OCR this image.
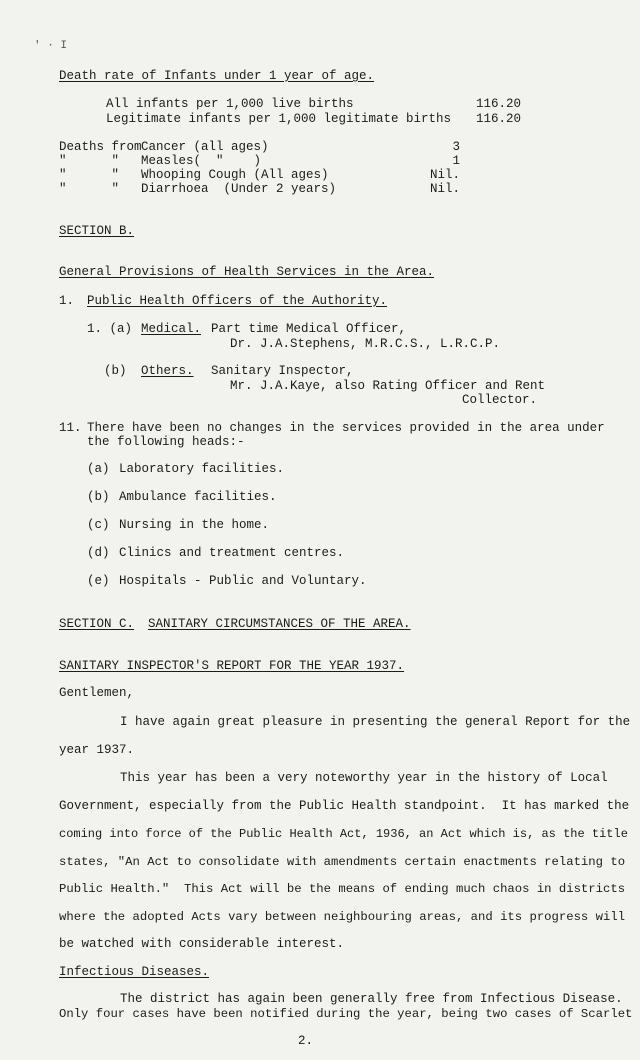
' · I
Death rate of Infants under 1 year of age.
All infants per 1,000 live births	116.20
Legitimate infants per 1,000 legitimate births 116.20
Deaths from Cancer (all ages)	3
"      " Measles(  "    )	1
"      " Whooping Cough (All ages)	Nil.
"      " Diarrhoea  (Under 2 years)	Nil.
SECTION B.
General Provisions of Health Services in the Area.
1. Public Health Officers of the Authority.
1. (a) Medical. Part time Medical Officer,
Dr. J.A.Stephens, M.R.C.S., L.R.C.P.
(b) Others. Sanitary Inspector,
Mr. J.A.Kaye, also Rating Officer and Rent
Collector.
11. There have been no changes in the services provided in the area under
the following heads:-
(a) Laboratory facilities.
(b) Ambulance facilities.
(c) Nursing in the home.
(d) Clinics and treatment centres.
(e) Hospitals - Public and Voluntary.
SECTION C. SANITARY CIRCUMSTANCES OF THE AREA.
SANITARY INSPECTOR'S REPORT FOR THE YEAR 1937.
Gentlemen,
I have again great pleasure in presenting the general Report for the
year 1937.
This year has been a very noteworthy year in the history of Local
Government, especially from the Public Health standpoint.  It has marked the
coming into force of the Public Health Act, 1936, an Act which is, as the title
states, "An Act to consolidate with amendments certain enactments relating to
Public Health."  This Act will be the means of ending much chaos in districts
where the adopted Acts vary between neighbouring areas, and its progress will
be watched with considerable interest.
Infectious Diseases.
The district has again been generally free from Infectious Disease.
Only four cases have been notified during the year, being two cases of Scarlet
2.
